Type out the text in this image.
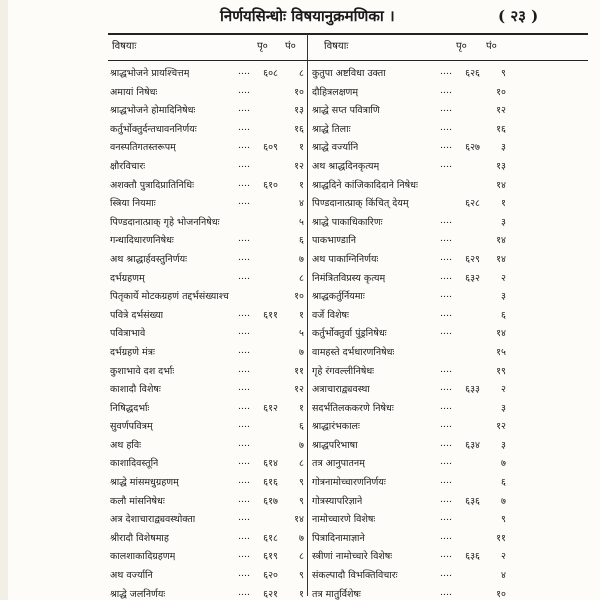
निर्णयसिन्धोः विषयानुक्रमणिका ।	( २३ )
विषयाः	पृ० पं०	विषयाः	पृ० पं०
श्राद्धभोजने प्रायश्चित्तम्	....	६०८	८
अमायां निषेधः	....	१०
श्राद्धभोजने होमादिनिषेधः	....	१३
कर्तुर्भोक्तुर्दन्तधावननिर्णयः	....	१६
वनस्पतिगतस्तरूपम्	....	६०९	१
क्षौरविचारः	....	१२
अशक्तौ पुत्रादिप्रातिनिधिः	....	६१०	१
स्त्रिया नियमाः	....	४
पिण्डदानात्प्राक् गृहे भोजननिषेधः	५
गन्धादिधारणनिषेधः	....	६
अथ श्राद्धार्हवस्तुनिर्णयः	....	७
दर्भग्रहणम्	....	८
पितृकार्ये मोटकग्रहणं तद्दर्भसंख्याश्च	१०
पवित्रे दर्भसंख्या	....	६११	१
पवित्राभावे	....	५
दर्भग्रहणे मंत्रः	....	७
कुशाभावे दश दर्भाः	....	११
काशादौ विशेषः	....	१२
निषिद्धदर्भाः	....	६१२	१
सुवर्णपवित्रम्	....	६
अथ हविः	....	७
काशादिवस्तूनि	....	६१४	८
श्राद्धे मांसमधुग्रहणम्	....	६१६	९
कलौ मांसनिषेधः	....	६१७	९
अत्र देशाचाराद्व्यवस्थोक्ता	....	१४
श्रीरादौ विशेषमाह	....	६१८	७
कालशाकादिग्रहणम्	....	६१९	८
अथ वर्ज्यानि	....	६२०	९
श्राद्धे जलनिर्णयः	....	६२१	१
कुतुपा अष्टविधा उक्ता	....	६२६	९
दौहित्रलक्षणम्	....	१०
श्राद्धे सप्त पवित्राणि	....	१२
श्राद्धे तिलाः	....	१६
श्राद्धे वर्ज्यानि	....	६२७	३
अथ श्राद्धदिनकृत्यम्	....	१३
श्राद्धदिने कांजिकादिदाने निषेधः	१४
पिण्डदानात्प्राक् किंचित् देयम्	६२८	१
श्राद्धे पाकाधिकारिणः	....	३
पाकभाण्डानि	....	१४
अथ पाकाग्निनिर्णयः	....	६२९	१४
निमंत्रितविप्रस्य कृत्यम्	....	६३२	२
श्राद्धकर्तुर्नियमाः	....	३
वर्जे विशेषः	....	६
कर्तुर्भोक्तुर्वा पुंड्रनिषेधः	....	१४
वामहस्ते दर्भधारणनिषेधः	१५
गृहे रंगवल्लीनिषेधः	....	१९
अत्राचाराद्व्यवस्था	....	६३३	२
सदर्भतिलककरणे निषेधः	....	३
श्राद्धारंभकालः	....	१२
श्राद्धपरिभाषा	....	६३४	३
तत्र आनुपातनम्	....	७
गोत्रनामोच्चारणनिर्णयः	....	६
गोत्रस्यापरिज्ञाने	....	६३६	७
नामोच्चारणे विशेषः	....	९
पित्रादिनामाज्ञाने	....	११
स्त्रीणां नामोच्चारे विशेषः	....	६३६	२
संकल्पादौ विभक्तिविचारः	....	४
तत्र मातुर्विशेषः	....	१०
